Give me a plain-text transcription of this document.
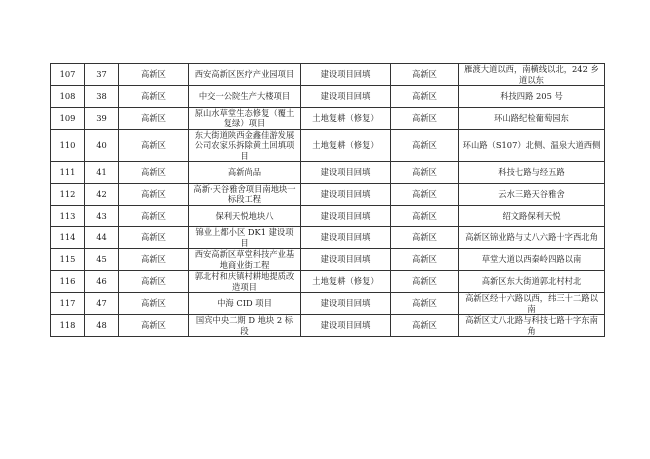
107	37	高新区	西安高新区医疗产业园项目	建设项目回填	高新区	雁渡大道以西，南横线以北，242 乡道以东
108	38	高新区	中交一公院生产大楼项目	建设项目回填	高新区	科技四路 205 号
109	39	高新区	原山水草堂生态修复（覆土复绿）项目	土地复耕（修复）	高新区	环山路纪检葡萄园东
110	40	高新区	东大街道陕西金鑫佳游发展公司农家乐拆除黄土回填项目	土地复耕（修复）	高新区	环山路（S107）北侧、温泉大道西侧
111	41	高新区	高新尚品	建设项目回填	高新区	科技七路与经五路
112	42	高新区	高新·天谷雅舍项目南地块一标段工程	建设项目回填	高新区	云水三路天谷雅舍
113	43	高新区	保利天悦地块八	建设项目回填	高新区	绍文路保利天悦
114	44	高新区	锦业上都小区 DK1 建设项目	建设项目回填	高新区	高新区锦业路与丈八六路十字西北角
115	45	高新区	西安高新区草堂科技产业基地商业街工程	建设项目回填	高新区	草堂大道以西秦岭四路以南
116	46	高新区	郭北村和庆镇村耕地提质改造项目	土地复耕（修复）	高新区	高新区东大街道郭北村村北
117	47	高新区	中海 CID 项目	建设项目回填	高新区	高新区经十六路以西，纬三十二路以南
118	48	高新区	国宾中央二期 D 地块 2 标段	建设项目回填	高新区	高新区丈八北路与科技七路十字东南角
